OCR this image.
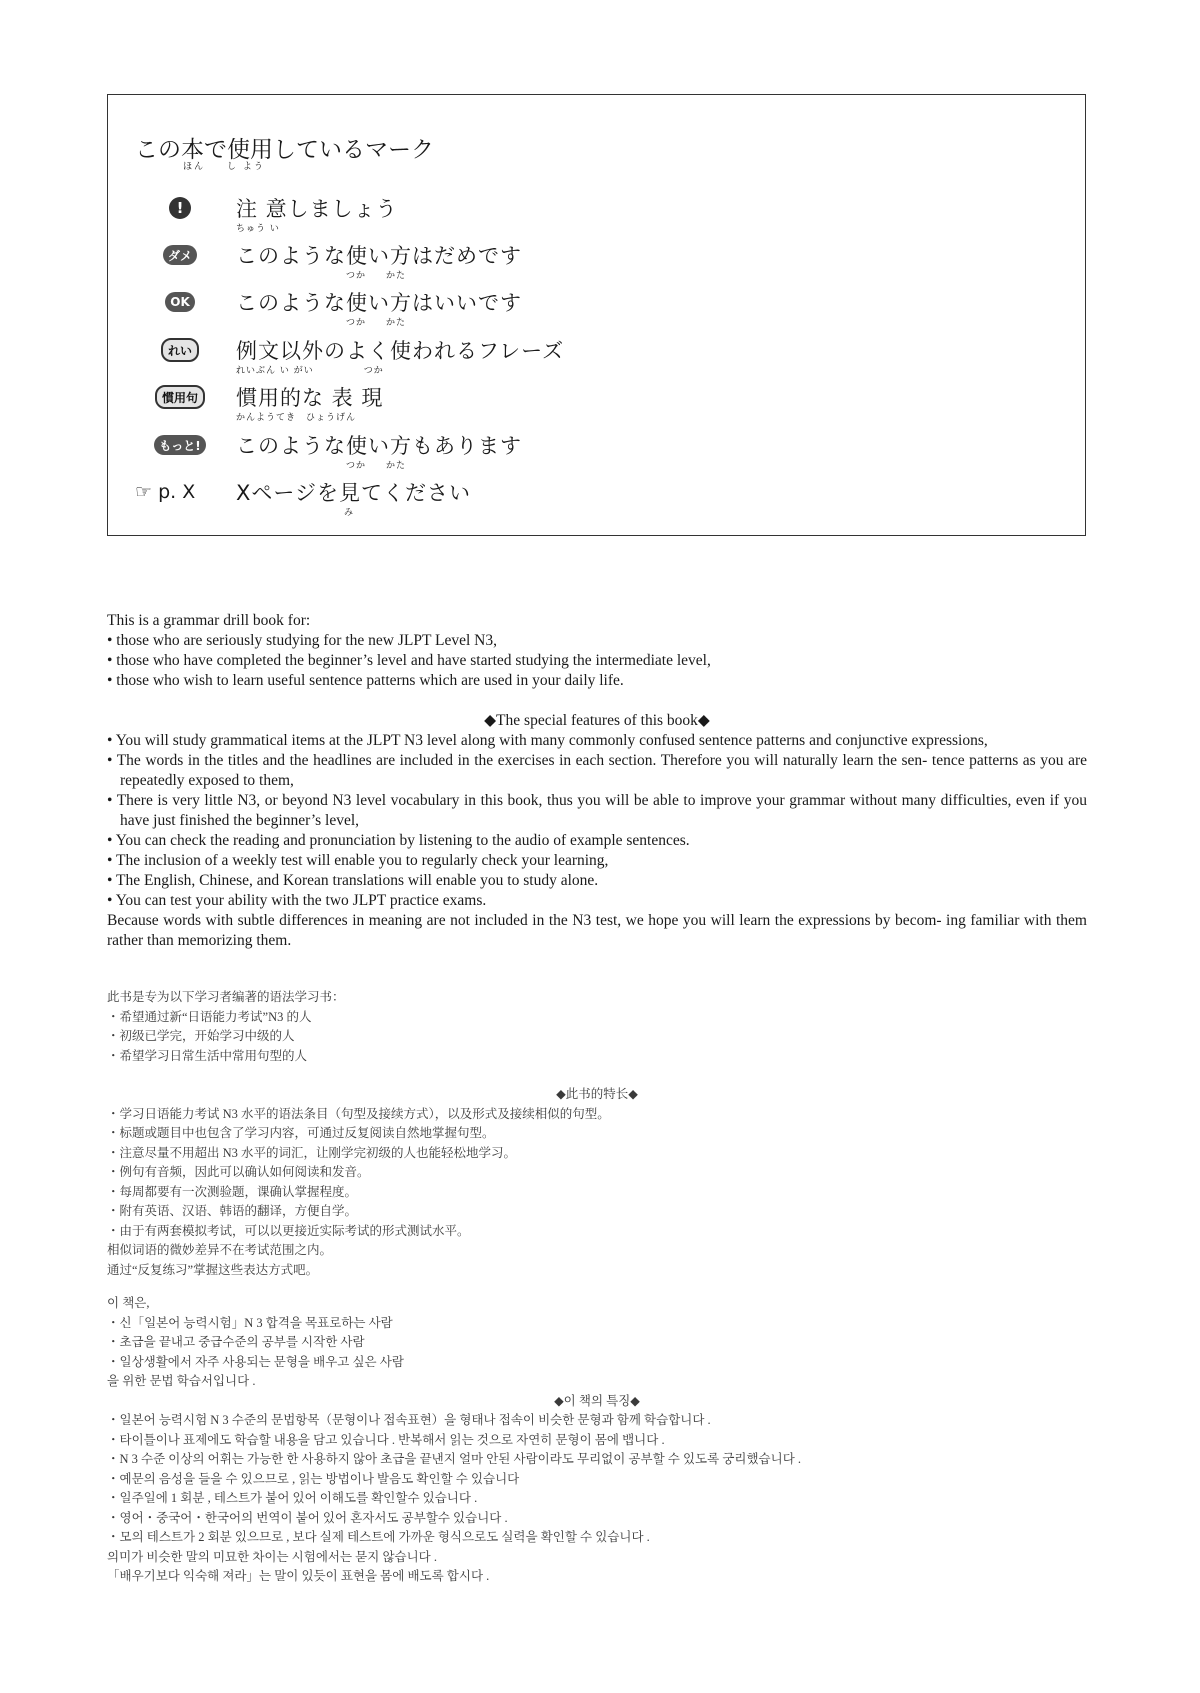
この本で使用しているマーク
ほん　　し よう
!	注 意しましょう
ちゅう い
ダメ このような使い方はだめです
つか　　かた
OK このような使い方はいいです
つか　　かた
れい	例文以外のよく使われるフレーズ
れいぶん い がい　　　　　つか
慣用句	慣用的な 表 現
かんようてき　ひょうげん
もっと! このような使い方もあります
つか　　かた
☞ p. X Xページを見てください
み

This is a grammar drill book for:

• those who are seriously studying for the new JLPT Level N3,

• those who have completed the beginner’s level and have started studying the intermediate level,

• those who wish to learn useful sentence patterns which are used in your daily life.

◆The special features of this book◆

• You will study grammatical items at the JLPT N3 level along with many commonly confused sentence patterns and conjunctive expressions,

• The words in the titles and the headlines are included in the exercises in each section. Therefore you will naturally learn the sen- tence patterns as you are repeatedly exposed to them,

• There is very little N3, or beyond N3 level vocabulary in this book, thus you will be able to improve your grammar without many difficulties, even if you have just finished the beginner’s level,

• You can check the reading and pronunciation by listening to the audio of example sentences.

• The inclusion of a weekly test will enable you to regularly check your learning,

• The English, Chinese, and Korean translations will enable you to study alone.

• You can test your ability with the two JLPT practice exams.

Because words with subtle differences in meaning are not included in the N3 test, we hope you will learn the expressions by becom- ing familiar with them rather than memorizing them.

此书是专为以下学习者编著的语法学习书：

・希望通过新“日语能力考试”N3 的人

・初级已学完，开始学习中级的人

・希望学习日常生活中常用句型的人

◆此书的特长◆

・学习日语能力考试 N3 水平的语法条目（句型及接续方式），以及形式及接续相似的句型。

・标题或题目中也包含了学习内容，可通过反复阅读自然地掌握句型。

・注意尽量不用超出 N3 水平的词汇，让刚学完初级的人也能轻松地学习。

・例句有音频，因此可以确认如何阅读和发音。

・每周都要有一次测验题，课确认掌握程度。

・附有英语、汉语、韩语的翻译，方便自学。

・由于有两套模拟考试，可以以更接近实际考试的形式测试水平。

相似词语的微妙差异不在考试范围之内。

通过“反复练习”掌握这些表达方式吧。

이 책은,

・신「일본어 능력시험」N 3 합격을 목표로하는 사람

・초급을 끝내고 중급수준의 공부를 시작한 사람

・일상생활에서 자주 사용되는 문형을 배우고 싶은 사람

을 위한 문법 학습서입니다 .

◆이 책의 특징◆

・일본어 능력시험 N 3 수준의 문법항목（문형이나 접속표현）을 형태나 접속이 비슷한 문형과 함께 학습합니다 .

・타이틀이나 표제에도 학습할 내용을 담고 있습니다 . 반복해서 읽는 것으로 자연히 문형이 몸에 뱁니다 .

・N 3 수준 이상의 어휘는 가능한 한 사용하지 않아 초급을 끝낸지 얼마 안된 사람이라도 무리없이 공부할 수 있도록 궁리했습니다 .

・예문의 음성을 들을 수 있으므로 , 읽는 방법이나 발음도 확인할 수 있습니다

・일주일에 1 회분 , 테스트가 붙어 있어 이해도를 확인할수 있습니다 .

・영어・중국어・한국어의 번역이 붙어 있어 혼자서도 공부할수 있습니다 .

・모의 테스트가 2 회분 있으므로 , 보다 실제 테스트에 가까운 형식으로도 실력을 확인할 수 있습니다 .

의미가 비슷한 말의 미묘한 차이는 시험에서는 묻지 않습니다 .

「배우기보다 익숙해 져라」는 말이 있듯이 표현을 몸에 배도록 합시다 .
